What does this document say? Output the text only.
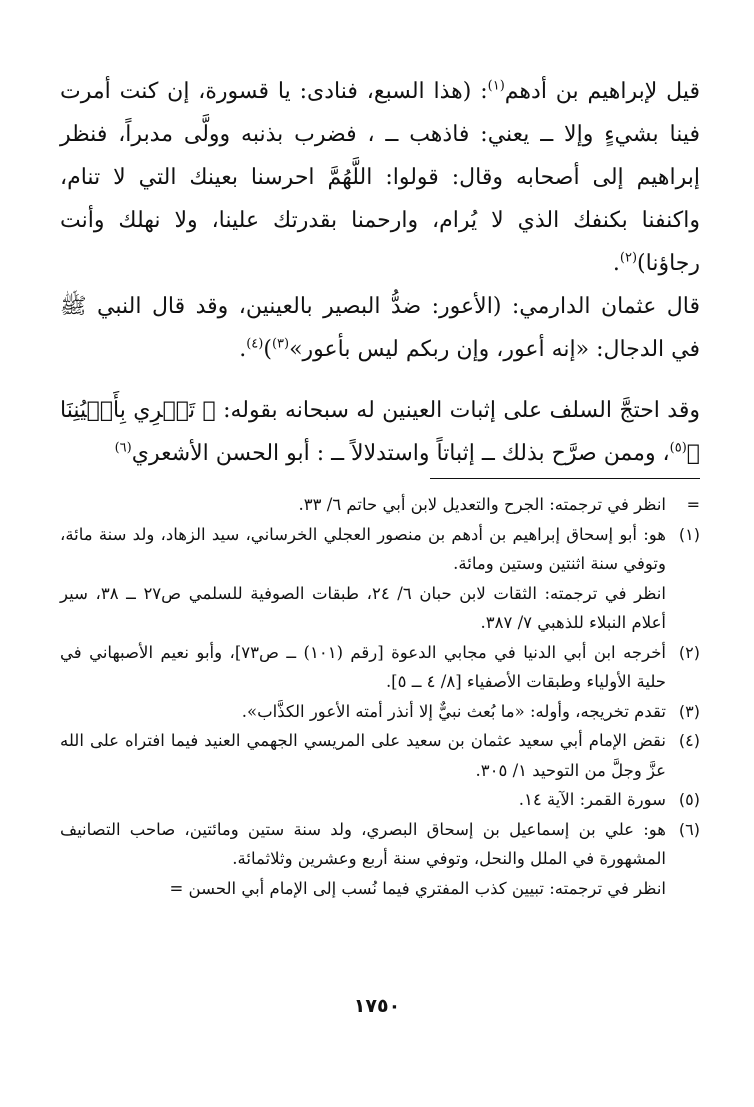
قيل لإبراهيم بن أدهم$^{(١)}$: (هذا السبع، فنادى: يا قسورة، إن كنت أمرت فينا بشيءٍ وإلا ــ يعني: فاذهب ــ ، فضرب بذنبه وولَّى مدبراً، فنظر إبراهيم إلى أصحابه وقال: قولوا: اللَّهُمَّ احرسنا بعينك التي لا تنام، واكنفنا بكنفك الذي لا يُرام، وارحمنا بقدرتك علينا، ولا نهلك وأنت رجاؤنا)$^{(٢)}$.

قال عثمان الدارمي: (الأعور: ضدُّ البصير بالعينين، وقد قال النبي ﷺ في الدجال: «إنه أعور، وإن ربكم ليس بأعور»$^{(٣)}$)$^{(٤)}$.

وقد احتجَّ السلف على إثبات العينين له سبحانه بقوله: ﴿ تَجۡرِي بِأَعۡيُنِنَا ﴾$^{(٥)}$، وممن صرَّح بذلك ــ إثباتاً واستدلالاً ــ : أبو الحسن الأشعري$^{(٦)}$

=

انظر في ترجمته: الجرح والتعديل لابن أبي حاتم ٦/ ٣٣.

(١)

هو: أبو إسحاق إبراهيم بن أدهم بن منصور العجلي الخرساني، سيد الزهاد، ولد سنة مائة، وتوفي سنة اثنتين وستين ومائة.

انظر في ترجمته: الثقات لابن حبان ٦/ ٢٤، طبقات الصوفية للسلمي ص٢٧ ــ ٣٨، سير أعلام النبلاء للذهبي ٧/ ٣٨٧.

(٢)

أخرجه ابن أبي الدنيا في مجابي الدعوة [رقم (١٠١) ــ ص٧٣]، وأبو نعيم الأصبهاني في حلية الأولياء وطبقات الأصفياء [٨/ ٤ ــ ٥].

(٣)

تقدم تخريجه، وأوله: «ما بُعث نبيٌّ إلا أنذر أمته الأعور الكذَّاب».

(٤)

نقض الإمام أبي سعيد عثمان بن سعيد على المريسي الجهمي العنيد فيما افتراه على الله عزَّ وجلَّ من التوحيد ١/ ٣٠٥.

(٥)

سورة القمر: الآية ١٤.

(٦)

هو: علي بن إسماعيل بن إسحاق البصري، ولد سنة ستين ومائتين، صاحب التصانيف المشهورة في الملل والنحل، وتوفي سنة أربع وعشرين وثلاثمائة.

انظر في ترجمته: تبيين كذب المفتري فيما نُسب إلى الإمام أبي الحسن =

١٧٥٠
